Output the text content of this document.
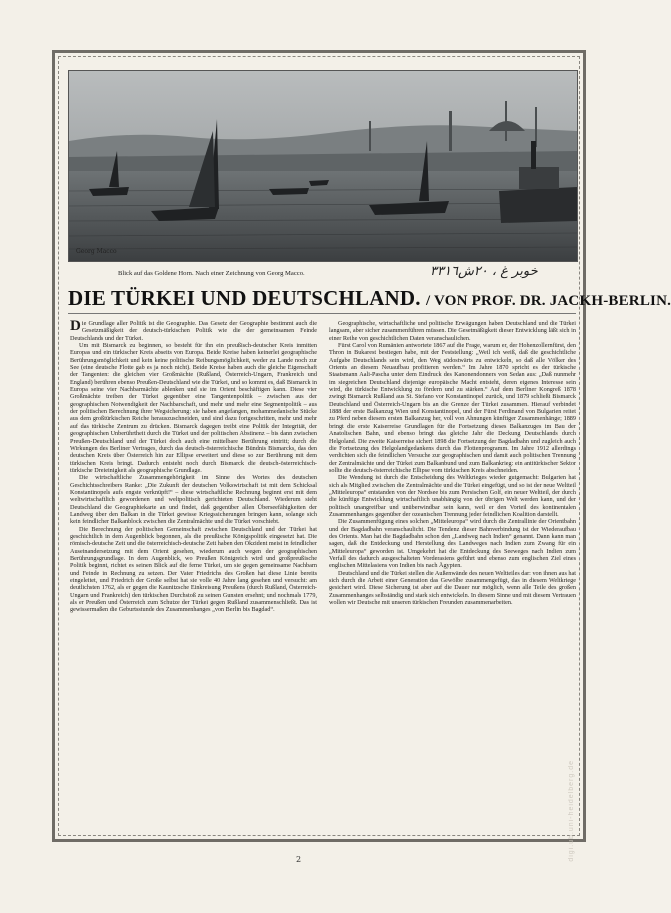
Georg Macco
Blick auf das Goldene Horn. Nach einer Zeichnung von Georg Macco.	خوبر غ ، ٢٠ش٣٣١٦
DIE TÜRKEI UND DEUTSCHLAND. / VON PROF. DR. JACKH-BERLIN.

Die Grundlage aller Politik ist die Geographie. Das Gesetz der Geographie bestimmt auch die Gesetzmäßigkeit der deutsch-türkischen Politik wie die der gemeinsamen Feinde Deutschlands und der Türkei.

Um mit Bismarck zu beginnen, so besteht für ihn ein preußisch-deutscher Kreis inmitten Europas und ein türkischer Kreis abseits von Europa. Beide Kreise haben keinerlei geographische Berührungsmöglichkeit und kein keine politische Reibungsmöglichkeit, weder zu Lande noch zur See (eine deutsche Flotte gab es ja noch nicht). Beide Kreise haben auch die gleiche Eigenschaft der Tangenten: die gleichen vier Großmächte (Rußland, Österreich-Ungarn, Frankreich und England) berühren ebenso Preußen-Deutschland wie die Türkei, und so kommt es, daß Bismarck in Europa seine vier Nachbarmächte ablenken und sie im Orient beschäftigen kann. Diese vier Großmächte treiben der Türkei gegenüber eine Tangentenpolitik – zwischen aus der geographischen Notwendigkeit der Nachbarschaft, und mehr und mehr eine Segmentpolitik – aus der politischen Berechnung ihrer Wegsicherung: sie haben angefangen, mohammedanische Stücke aus dem großtürkischen Reiche herauszuschneiden, und sind dazu fortgeschritten, mehr und mehr auf das türkische Zentrum zu drücken. Bismarck dagegen treibt eine Politik der Integrität, der geographischen Unberührtheit durch die Türkei und der politischen Abstinenz – bis dann zwischen Preußen-Deutschland und der Türkei doch auch eine mittelbare Berührung eintritt; durch die Wirkungen des Berliner Vertrages, durch das deutsch-österreichische Bündnis Bismarcks, das den deutschen Kreis über Österreich hin zur Ellipse erweitert und diese so zur Berührung mit dem türkischen Kreis bringt. Dadurch entsteht noch durch Bismarck die deutsch-österreichisch-türkische Dreieinigkeit als geographische Grundlage.

Die wirtschaftliche Zusammengehörigkeit im Sinne des Wortes des deutschen Geschichtsschreibers Ranke: „Die Zukunft der deutschen Volkswirtschaft ist mit dem Schicksal Konstantinopels aufs engste verknüpft!“ – diese wirtschaftliche Rechnung beginnt erst mit dem weltwirtschaftlich gewordenen und weltpolitisch gerichteten Deutschland. Wiederum sieht Deutschland die Geographiekarte an und findet, daß gegenüber allen Überseefähigkeiten der Landweg über den Balkan in die Türkei gewisse Kriegssicherungen bringen kann, solange sich kein feindlicher Balkanblock zwischen die Zentralmächte und die Türkei vorschiebt.

Die Berechnung der politischen Gemeinschaft zwischen Deutschland und der Türkei hat geschichtlich in dem Augenblick begonnen, als die preußische Königspolitik eingesetzt hat. Die römisch-deutsche Zeit und die österreichisch-deutsche Zeit haben den Okzident meist in feindlicher Auseinandersetzung mit dem Orient gesehen, wiederum auch wegen der geographischen Berührungsgrundlage. In dem Augenblick, wo Preußen Königreich wird und großpreußische Politik beginnt, richtet es seinen Blick auf die ferne Türkei, um sie gegen gemeinsame Nachbarn und Feinde in Rechnung zu setzen. Der Vater Friedrichs des Großen hat diese Linie bereits eingeleitet, und Friedrich der Große selbst hat sie volle 40 Jahre lang gesehen und versucht: am deutlichsten 1762, als er gegen die Kaunitzsche Einkreisung Preußens (durch Rußland, Österreich-Ungarn und Frankreich) den türkischen Durchstoß zu seinen Gunsten ersehnt; und nochmals 1779, als er Preußen und Österreich zum Schutze der Türkei gegen Rußland zusammenschließt. Das ist gewissermaßen die Geburtsstunde des Zusammenhanges „von Berlin bis Bagdad“.

Geographische, wirtschaftliche und politische Erwägungen haben Deutschland und die Türkei langsam, aber sicher zusammenführen müssen. Die Gesetmäßigkeit dieser Entwicklung läßt sich in einer Reihe von geschichtlichen Daten veranschaulichen.

Fürst Carol von Rumänien antwortete 1867 auf die Frage, warum er, der Hohenzollernfürst, den Thron in Bukarest bestiegen habe, mit der Feststellung: „Weil ich weiß, daß die geschichtliche Aufgabe Deutschlands sein wird, den Weg südostwärts zu entwickeln, so daß alle Völker des Orients an diesem Neuaufbau profitieren werden.“ Im Jahre 1870 spricht es der türkische Staatsmann Aali-Pascha unter dem Eindruck des Kanonendonners von Sedan aus: „Daß nunmehr im siegreichen Deutschland diejenige europäische Macht entsteht, deren eigenes Interesse sein wird, die türkische Entwicklung zu fördern und zu stärken.“ Auf dem Berliner Kongreß 1878 zwingt Bismarck Rußland aus St. Stefano vor Konstantinopel zurück, und 1879 schließt Bismarck Deutschland und Österreich-Ungarn bis an die Grenze der Türkei zusammen. Hierauf verbindet 1888 der erste Balkanzug Wien und Konstantinopel, und der Fürst Ferdinand von Bulgarien reitet zu Pferd neben diesem ersten Balkanzug her, voll von Ahnungen künftiger Zusammenhänge; 1889 bringt die erste Kaiserreise Grundlagen für die Fortsetzung dieses Balkanzuges im Bau der Anatolischen Bahn, und ebenso bringt das gleiche Jahr die Deckung Deutschlands durch Helgoland. Die zweite Kaiserreise sichert 1898 die Fortsetzung der Bagdadbahn und zugleich auch die Fortsetzung des Helgolandgedankens durch das Flottenprogramm. Im Jahre 1912 allerdings verdichten sich die feindlichen Versuche zur geographischen und damit auch politischen Trennung der Zentralmächte und der Türkei zum Balkanbund und zum Balkankrieg: ein antitürkischer Sektor sollte die deutsch-österreichische Ellipse vom türkischen Kreis abschneiden.

Die Wendung ist durch die Entscheidung des Weltkrieges wieder gutgemacht: Bulgarien hat sich als Mitglied zwischen die Zentralmächte und die Türkei eingefügt, und so ist der neue Weltteil „Mitteleuropa“ entstanden von der Nordsee bis zum Persischen Golf, ein neuer Weltteil, der durch die künftige Entwicklung wirtschaftlich unabhängig von der übrigen Welt werden kann, und der politisch unangreifbar und unüberwindbar sein kann, weil er den Vorteil des kontinentalen Zusammenhanges gegenüber der ozeanischen Trennung jeder feindlichen Koalition darstellt.

Die Zusammenfügung eines solchen „Mitteleuropa“ wird durch die Zentrallinie der Orientbahn und der Bagdadbahn veranschaulicht. Die Tendenz dieser Bahnverbindung ist der Wiederaufbau des Orients. Man hat die Bagdadbahn schon den „Landweg nach Indien“ genannt. Dann kann man sagen, daß die Entdeckung und Herstellung des Landweges nach Indien zum Zwang für ein „Mitteleuropa“ geworden ist. Umgekehrt hat die Entdeckung des Seeweges nach Indien zum Verfall des dadurch ausgeschalteten Vorderasiens geführt und ebenso zum englischen Ziel eines englischen Mittelasiens von Indien bis nach Ägypten.

Deutschland und die Türkei stellen die Außenwände des neuen Weltteiles dar: von ihnen aus hat sich durch die Arbeit einer Generation das Gewölbe zusammengefügt, das in diesem Weltkriege gesichert wird. Diese Sicherung ist aber auf die Dauer nur möglich, wenn alle Teile des großen Zusammenhanges selbständig und stark sich entwickeln. In diesem Sinne und mit diesem Vertrauen wollen wir Deutsche mit unseren türkischen Freunden zusammenarbeiten.

2	digi.ub.uni-heidelberg.de
